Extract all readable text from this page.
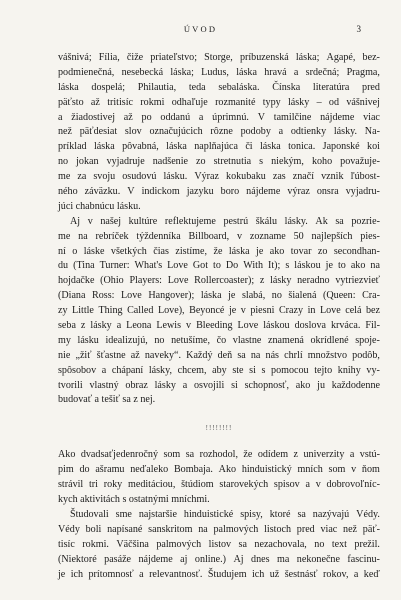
ÚVOD	3
vášnivá; Fília, čiže priateľstvo; Storge, príbuzenská láska; Agapé, bez-
podmienečná, nesebecká láska; Ludus, láska hravá a srdečná; Pragma,
láska dospelá; Philautia, teda sebaláska. Čínska literatúra pred
päťsto až tritisíc rokmi odhaľuje rozmanité typy lásky – od vášnivej
a žiadostivej až po oddanú a úprimnú. V tamilčine nájdeme viac
než päťdesiat slov označujúcich rôzne podoby a odtienky lásky. Na-
príklad láska pôvabná, láska naplňajúca či láska tonica. Japonské koi
no jokan vyjadruje nadšenie zo stretnutia s niekým, koho považuje-
me za svoju osudovú lásku. Výraz kokubaku zas značí vznik ľúbost-
ného záväzku. V indickom jazyku boro nájdeme výraz onsra vyjadru-
júci chabnúcu lásku.
Aj v našej kultúre reflektujeme pestrú škálu lásky. Ak sa pozrie-
me na rebríček týždenníka Billboard, v zozname 50 najlepších pies-
ní o láske všetkých čias zistíme, že láska je ako tovar zo secondhan-
du (Tina Turner: What's Love Got to Do With It); s láskou je to ako na
hojdačke (Ohio Players: Love Rollercoaster); z lásky neradno vytriezvieť
(Diana Ross: Love Hangover); láska je slabá, no šialená (Queen: Cra-
zy Little Thing Called Love), Beyoncé je v piesni Crazy in Love celá bez
seba z lásky a Leona Lewis v Bleeding Love láskou doslova krváca. Fil-
my lásku idealizujú, no netušíme, čo vlastne znamená okrídlené spoje-
nie „žiť šťastne až naveky“. Každý deň sa na nás chrlí množstvo podôb,
spôsobov a chápaní lásky, chcem, aby ste si s pomocou tejto knihy vy-
tvorili vlastný obraz lásky a osvojili si schopnosť, ako ju každodenne
budovať a tešiť sa z nej.
!!!!!!!!
Ako dvadsaťjedenročný som sa rozhodol, že odídem z univerzity a vstú-
pim do ašramu neďaleko Bombaja. Ako hinduistický mních som v ňom
strávil tri roky meditáciou, štúdiom starovekých spisov a v dobrovoľníc-
kych aktivitách s ostatnými mníchmi.
Študovali sme najstaršie hinduistické spisy, ktoré sa nazývajú Védy.
Védy boli napísané sanskritom na palmových listoch pred viac než päť-
tisíc rokmi. Väčšina palmových listov sa nezachovala, no text prežil.
(Niektoré pasáže nájdeme aj online.) Aj dnes ma nekonečne fascinu-
je ich prítomnosť a relevantnosť. Študujem ich už šestnásť rokov, a keď
